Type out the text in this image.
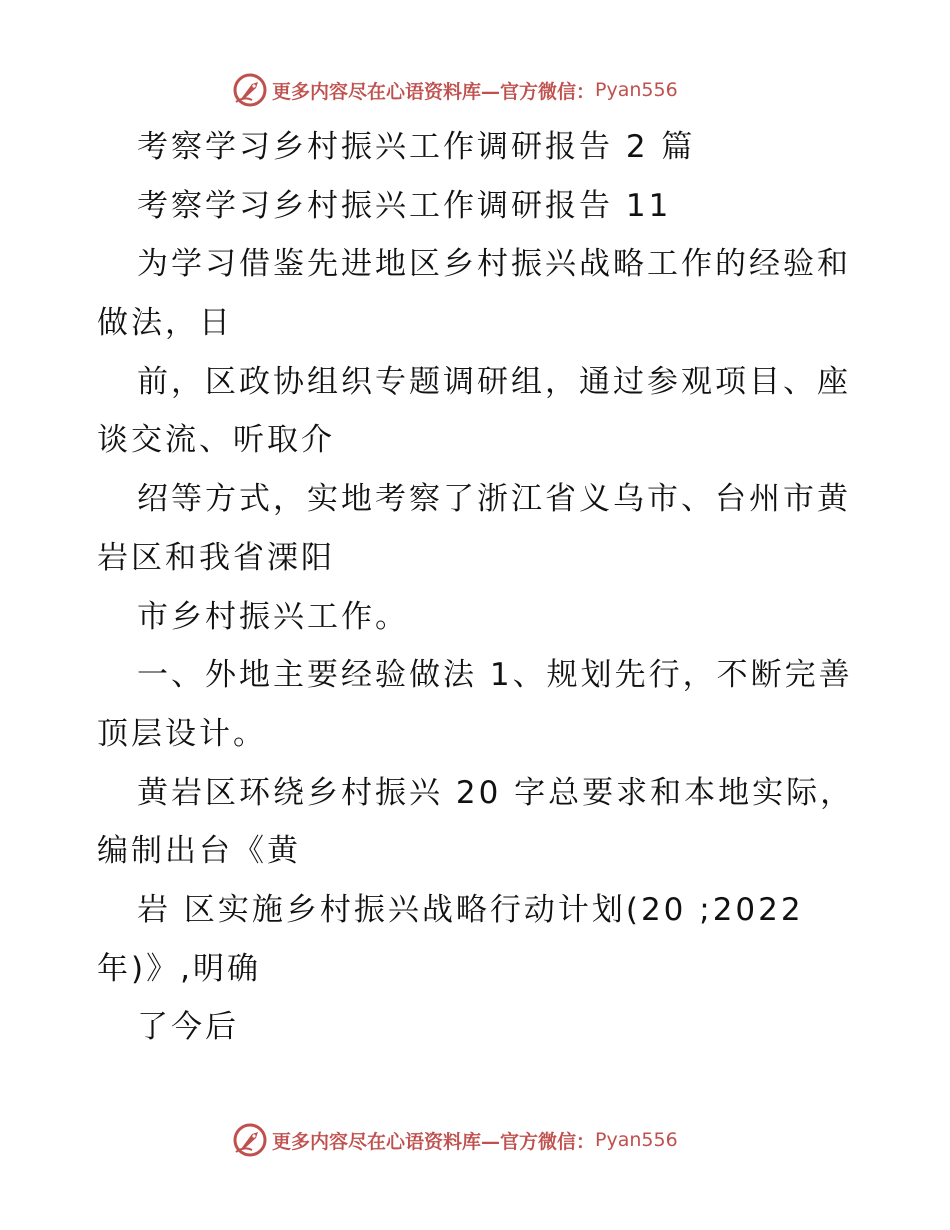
更多内容尽在心语资料库—官方微信： Pyan556
考察学习乡村振兴工作调研报告 2 篇
考察学习乡村振兴工作调研报告 11
为学习借鉴先进地区乡村振兴战略工作的经验和
做法，日
前，区政协组织专题调研组，通过参观项目、座
谈交流、听取介
绍等方式，实地考察了浙江省义乌市、台州市黄
岩区和我省溧阳
市乡村振兴工作。
一、外地主要经验做法 1、规划先行，不断完善
顶层设计。
黄岩区环绕乡村振兴 20 字总要求和本地实际，
编制出台《黄
岩 区实施乡村振兴战略行动计划(20 ;2022
年)》,明确
了今后
更多内容尽在心语资料库—官方微信： Pyan556
